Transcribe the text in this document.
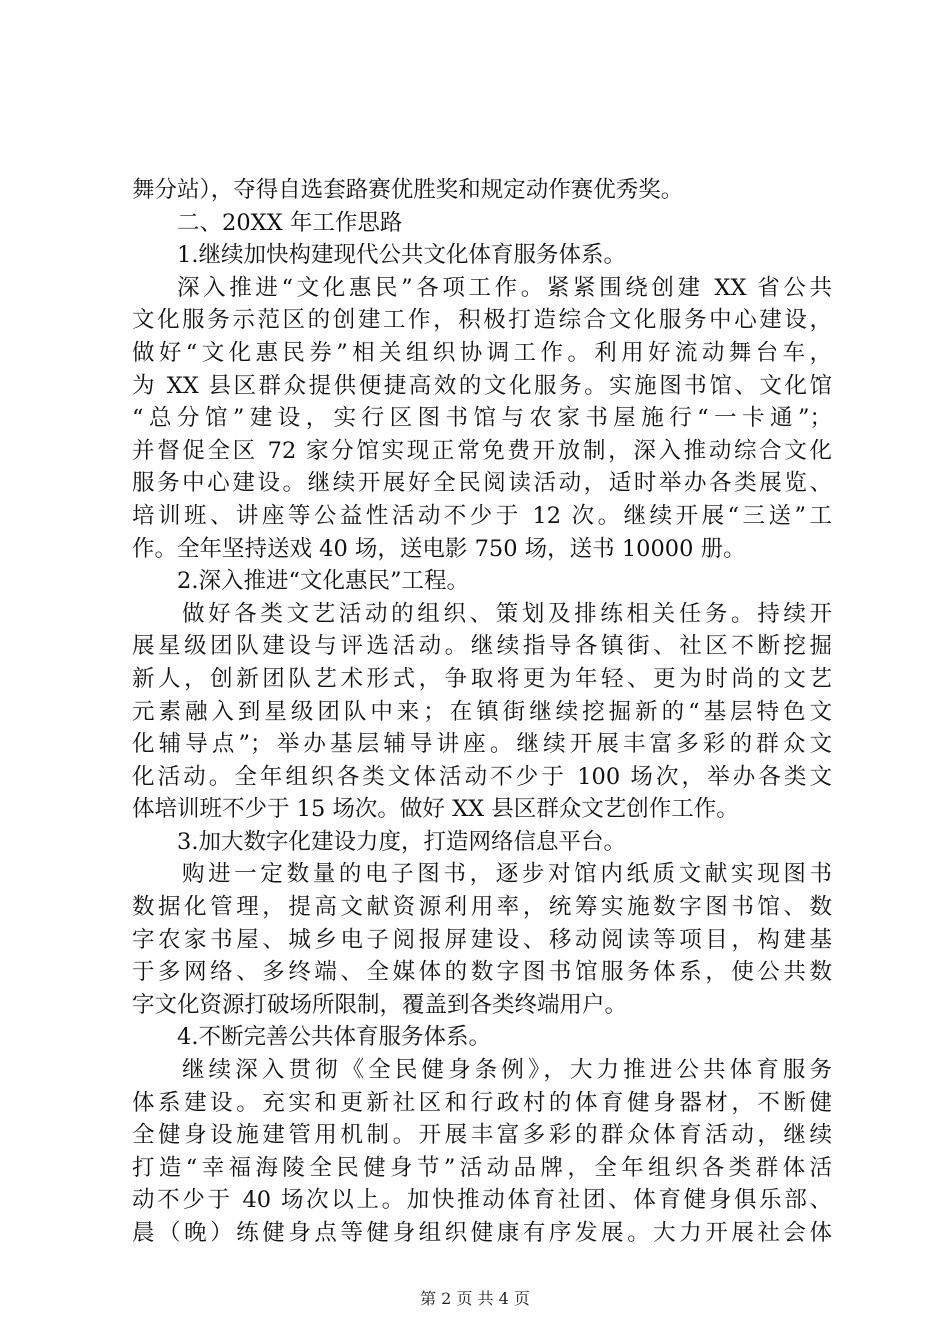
舞分站），夺得自选套路赛优胜奖和规定动作赛优秀奖。
二、20XX 年工作思路
1.继续加快构建现代公共文化体育服务体系。
深入推进“文化惠民”各项工作。紧紧围绕创建 XX 省公共
文化服务示范区的创建工作，积极打造综合文化服务中心建设，
做好“文化惠民券”相关组织协调工作。利用好流动舞台车，
为 XX 县区群众提供便捷高效的文化服务。实施图书馆、文化馆
“总分馆”建设，实行区图书馆与农家书屋施行“一卡通”；
并督促全区 72 家分馆实现正常免费开放制，深入推动综合文化
服务中心建设。继续开展好全民阅读活动，适时举办各类展览、
培训班、讲座等公益性活动不少于 12 次。继续开展“三送”工
作。全年坚持送戏 40 场，送电影 750 场，送书 10000 册。
2.深入推进“文化惠民”工程。
做好各类文艺活动的组织、策划及排练相关任务。持续开
展星级团队建设与评选活动。继续指导各镇街、社区不断挖掘
新人，创新团队艺术形式，争取将更为年轻、更为时尚的文艺
元素融入到星级团队中来；在镇街继续挖掘新的“基层特色文
化辅导点”；举办基层辅导讲座。继续开展丰富多彩的群众文
化活动。全年组织各类文体活动不少于 100 场次，举办各类文
体培训班不少于 15 场次。做好 XX 县区群众文艺创作工作。
3.加大数字化建设力度，打造网络信息平台。
购进一定数量的电子图书，逐步对馆内纸质文献实现图书
数据化管理，提高文献资源利用率，统筹实施数字图书馆、数
字农家书屋、城乡电子阅报屏建设、移动阅读等项目，构建基
于多网络、多终端、全媒体的数字图书馆服务体系，使公共数
字文化资源打破场所限制，覆盖到各类终端用户。
4.不断完善公共体育服务体系。
继续深入贯彻《全民健身条例》，大力推进公共体育服务
体系建设。充实和更新社区和行政村的体育健身器材，不断健
全健身设施建管用机制。开展丰富多彩的群众体育活动，继续
打造“幸福海陵全民健身节”活动品牌，全年组织各类群体活
动不少于 40 场次以上。加快推动体育社团、体育健身俱乐部、
晨（晚）练健身点等健身组织健康有序发展。大力开展社会体
第 2 页 共 4 页
